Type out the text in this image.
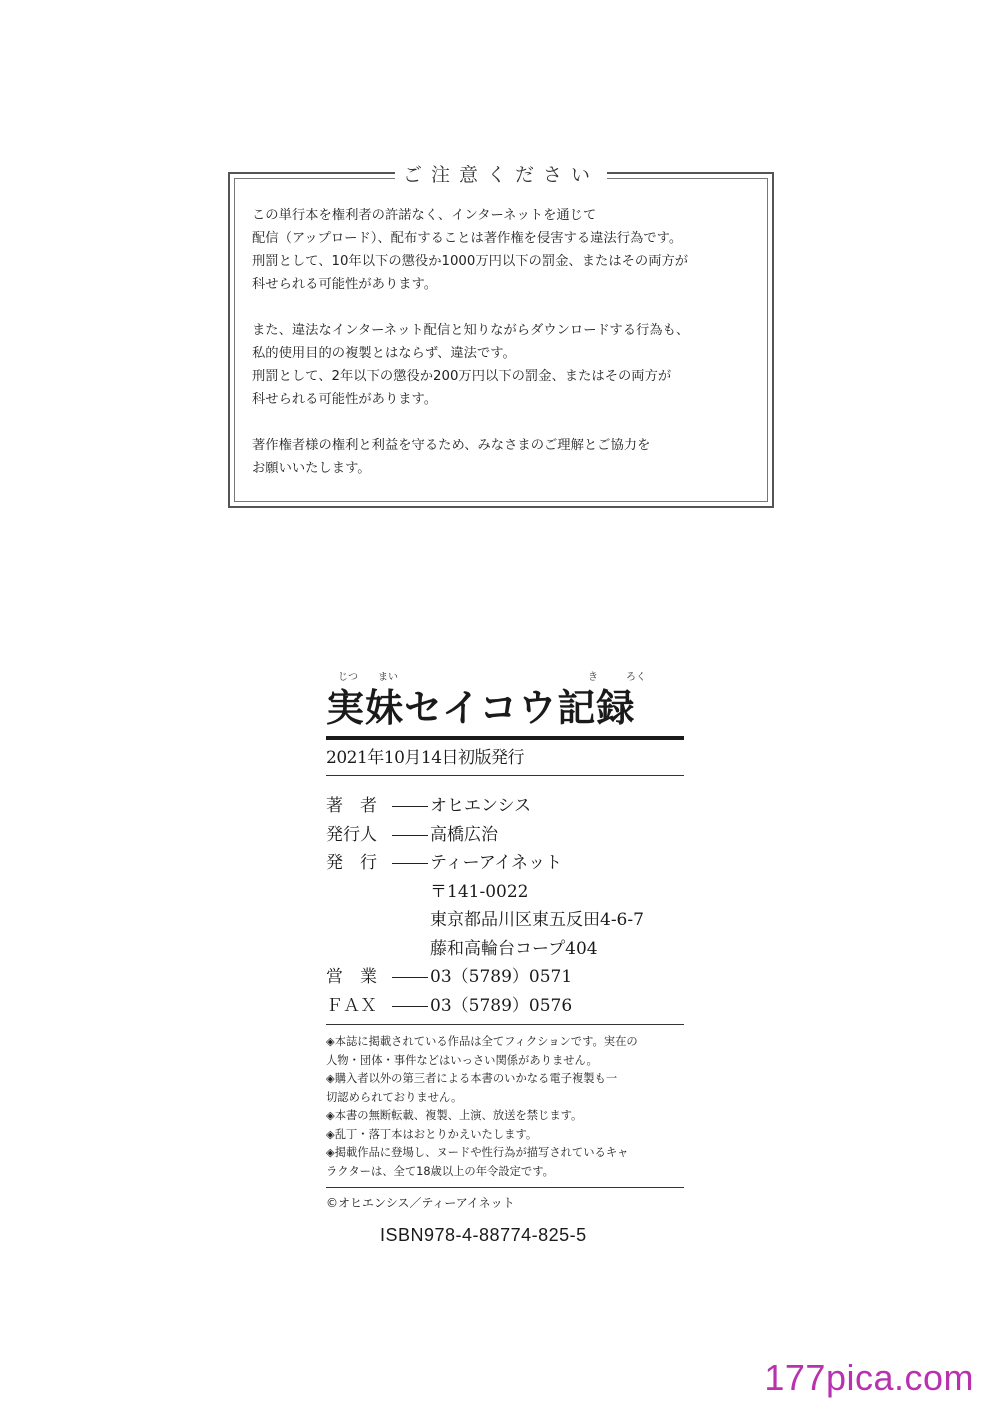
ご注意ください
この単行本を権利者の許諾なく、インターネットを通じて
配信（アップロード）、配布することは著作権を侵害する違法行為です。
刑罰として、10年以下の懲役か1000万円以下の罰金、またはその両方が
科せられる可能性があります。
また、違法なインターネット配信と知りながらダウンロードする行為も、
私的使用目的の複製とはならず、違法です。
刑罰として、2年以下の懲役か200万円以下の罰金、またはその両方が
科せられる可能性があります。
著作権者様の権利と利益を守るため、みなさまのご理解とご協力を
お願いいたします。
じつ まい	き	ろく
実妹セイコウ記録
2021年10月14日初版発行
著　者	オヒエンシス
発行人	高橋広治
発　行	ティーアイネット
〒141-0022
東京都品川区東五反田4-6-7
藤和高輪台コープ404
営　業	03（5789）0571
ＦＡＸ	03（5789）0576
◈本誌に掲載されている作品は全てフィクションです。実在の
人物・団体・事件などはいっさい関係がありません。
◈購入者以外の第三者による本書のいかなる電子複製も一
切認められておりません。
◈本書の無断転載、複製、上演、放送を禁じます。
◈乱丁・落丁本はおとりかえいたします。
◈掲載作品に登場し、ヌードや性行為が描写されているキャ
ラクターは、全て18歳以上の年令設定です。
©オヒエンシス／ティーアイネット
ISBN978-4-88774-825-5
177pica.com
